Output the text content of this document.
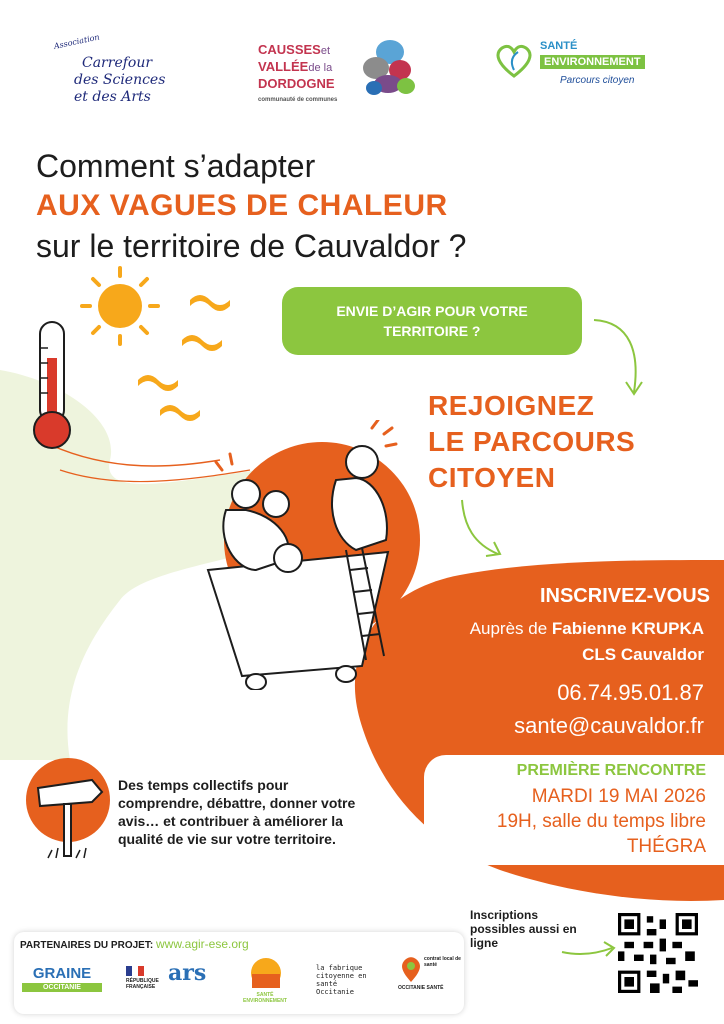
Association
Carrefour
des Sciences
et des Arts
CAUSSESet
VALLÉEde la
DORDOGNE
communauté de communes
SANTÉ
ENVIRONNEMENT
Parcours citoyen
Comment s’adapter
AUX VAGUES DE CHALEUR
sur le territoire de Cauvaldor ?
ENVIE D’AGIR POUR VOTRE TERRITOIRE ?
REJOIGNEZ
LE PARCOURS
CITOYEN
INSCRIVEZ-VOUS
Auprès de Fabienne KRUPKA
CLS Cauvaldor
06.74.95.01.87
sante@cauvaldor.fr
PREMIÈRE RENCONTRE
MARDI 19 MAI 2026
19H, salle du temps libre
THÉGRA
Des temps collectifs pour comprendre, débattre, donner votre avis… et contribuer à améliorer la qualité de vie sur votre territoire.
PARTENAIRES DU PROJET: www.agir-ese.org
GRAINE
OCCITANIE
RÉPUBLIQUE FRANÇAISE
ars
SANTÉ ENVIRONNEMENT
la fabrique citoyenne en santé Occitanie
contrat local de santé
OCCITANIE SANTÉ
Inscriptions possibles aussi en ligne
